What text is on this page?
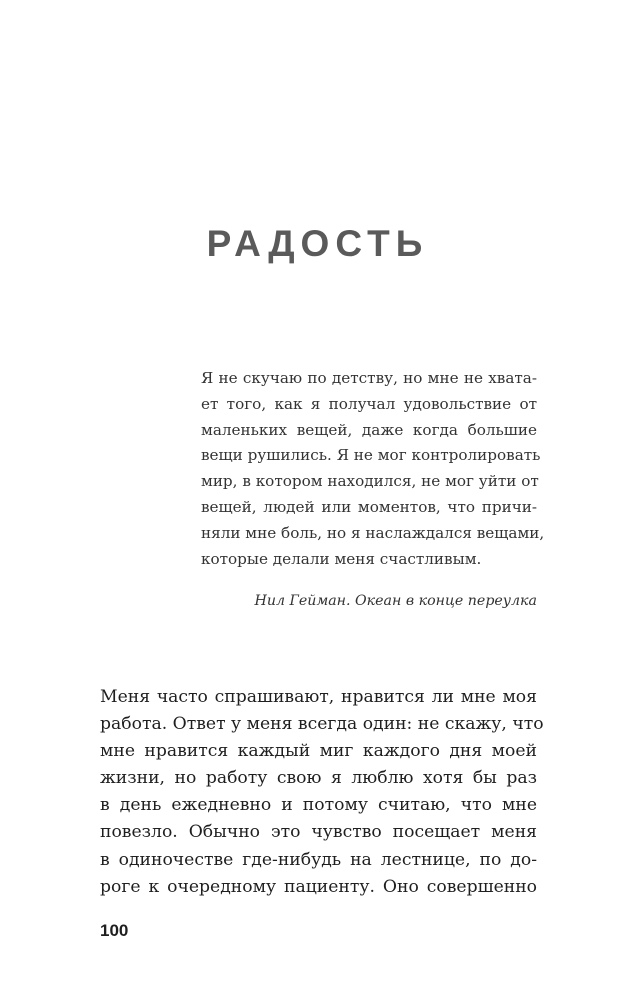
РАДОСТЬ
Я не скучаю по детству, но мне не хвата-
ет того, как я получал удовольствие от
маленьких вещей, даже когда большие
вещи рушились. Я не мог контролировать
мир, в котором находился, не мог уйти от
вещей, людей или моментов, что причи-
няли мне боль, но я наслаждался вещами,
которые делали меня счастливым.
Нил Гейман. Океан в конце переулка
Меня часто спрашивают, нравится ли мне моя
работа. Ответ у меня всегда один: не скажу, что
мне нравится каждый миг каждого дня моей
жизни, но работу свою я люблю хотя бы раз
в день ежедневно и потому считаю, что мне
повезло. Обычно это чувство посещает меня
в одиночестве где-нибудь на лестнице, по до-
роге к очередному пациенту. Оно совершенно
100
